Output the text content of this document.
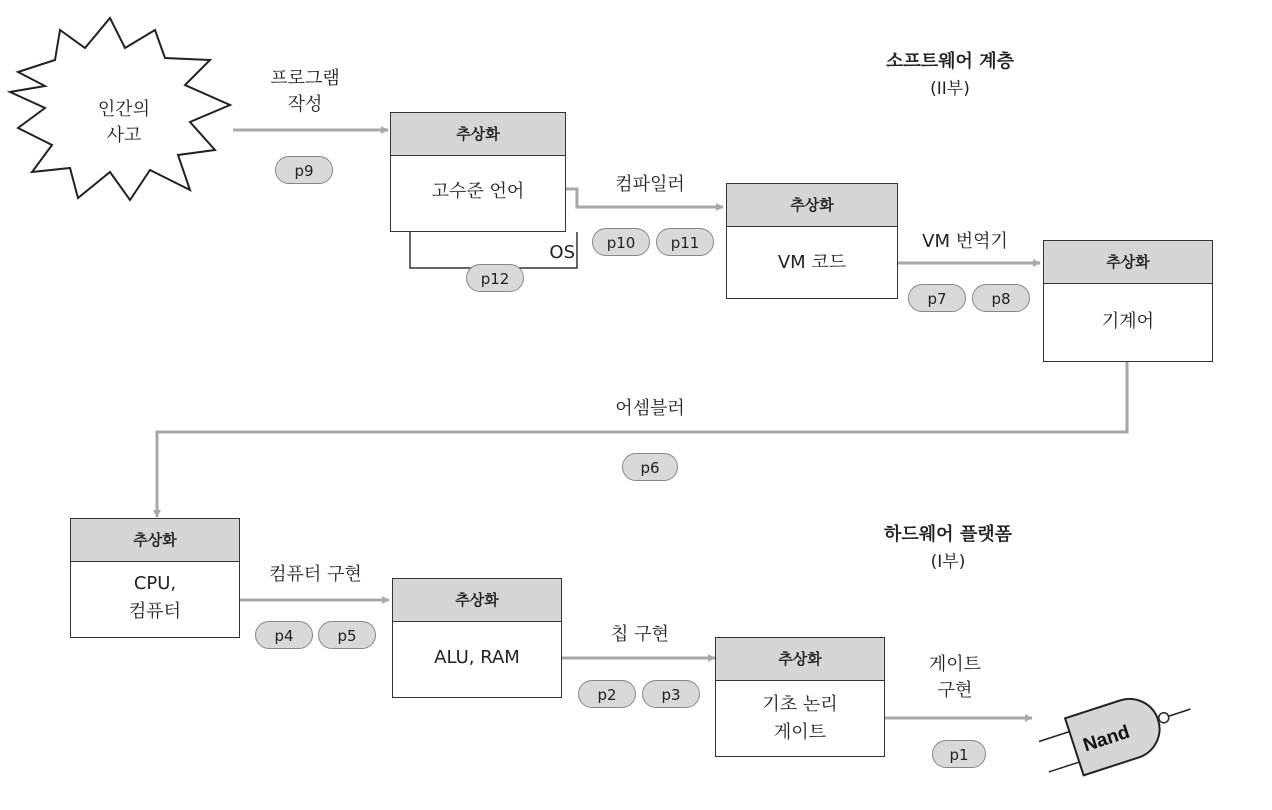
Nand
인간의
사고
소프트웨어 계층
(II부)
하드웨어 플랫폼
(I부)
프로그램
작성
컴파일러
VM 번역기
어셈블러
컴퓨터 구현
칩 구현
게이트
구현
OS
추상화
고수준 언어
추상화
VM 코드	추상화
기계어
추상화
CPU,
컴퓨터
추상화
ALU, RAM	추상화
기초 논리
게이트
p9
p10	p11
p12
p7	p8
p6
p4	p5
p2	p3
p1
